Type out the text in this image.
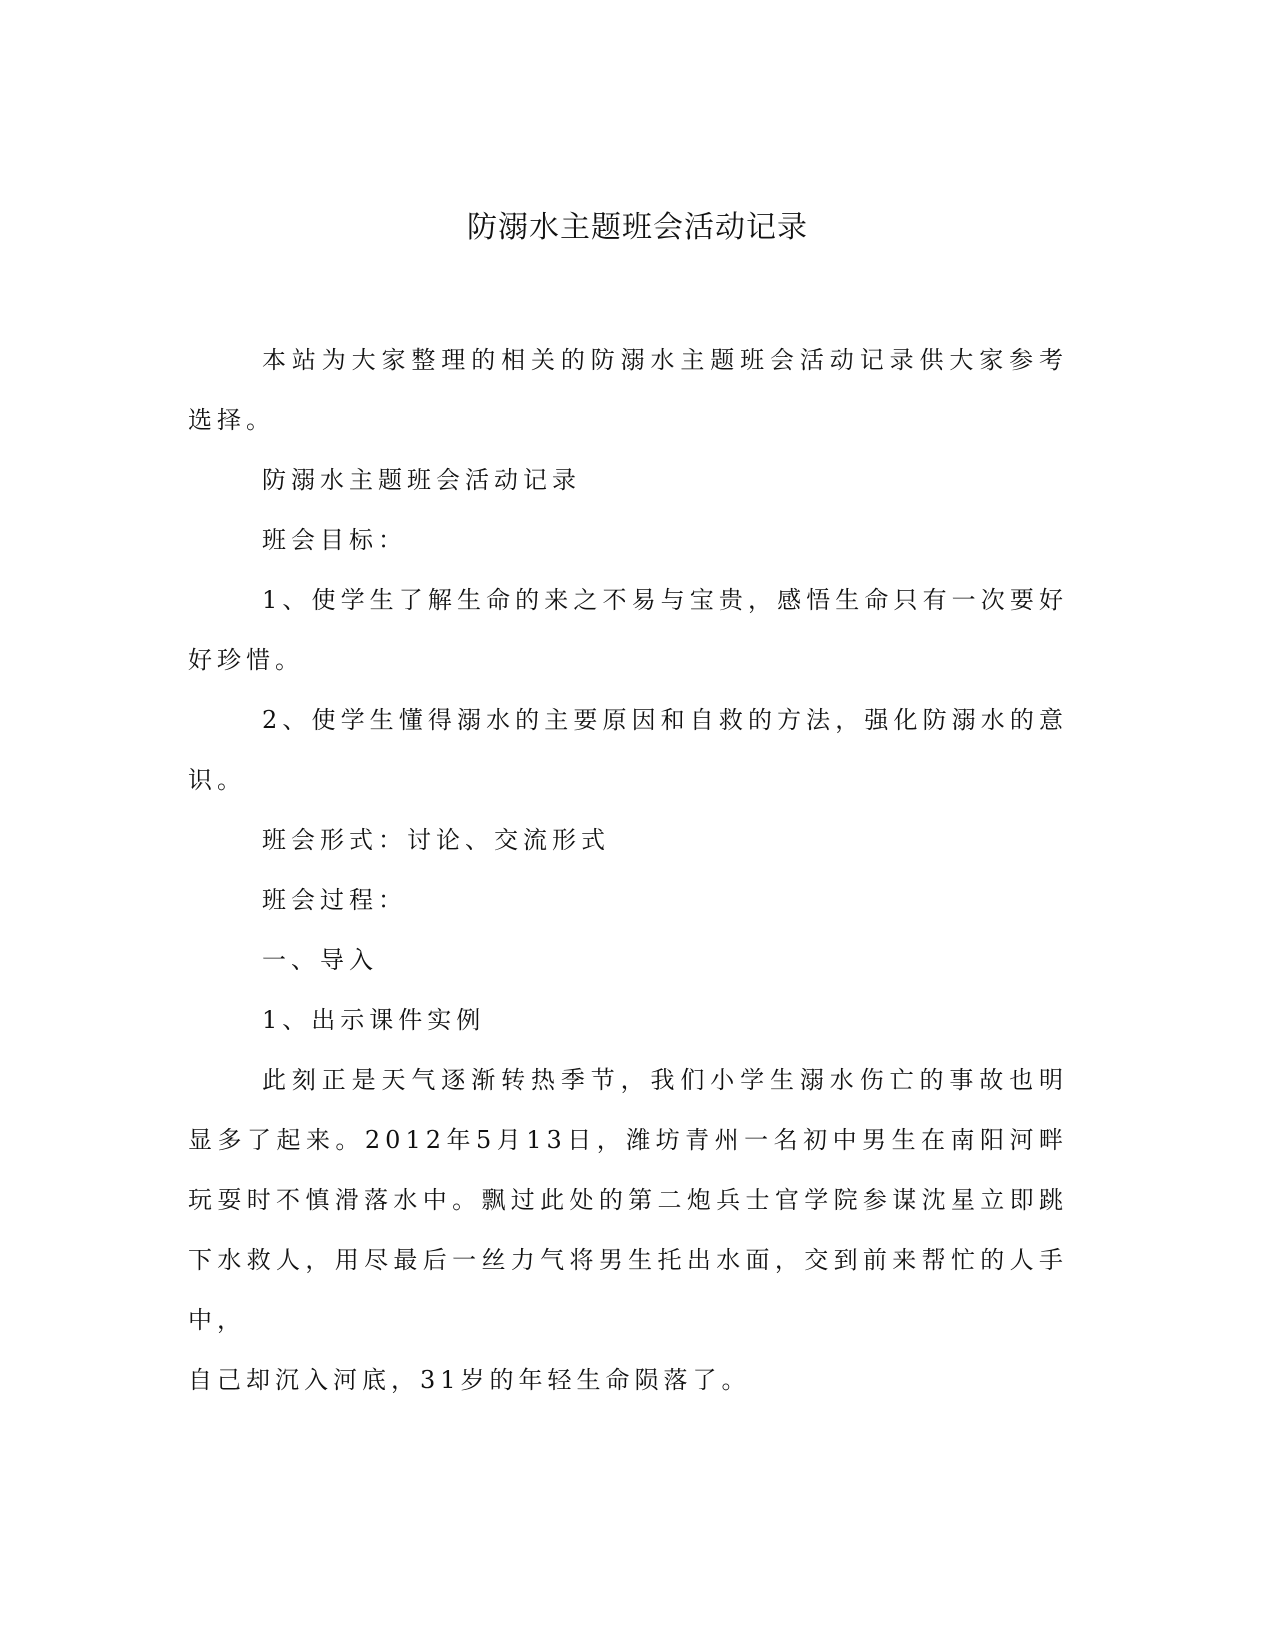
防溺水主题班会活动记录

本站为大家整理的相关的防溺水主题班会活动记录供大家参考选择。

防溺水主题班会活动记录

班会目标：

1、使学生了解生命的来之不易与宝贵，感悟生命只有一次要好好珍惜。

2、使学生懂得溺水的主要原因和自救的方法，强化防溺水的意识。

班会形式：讨论、交流形式

班会过程：

一、导入

1、出示课件实例

此刻正是天气逐渐转热季节，我们小学生溺水伤亡的事故也明显多了起来。2012年5月13日，潍坊青州一名初中男生在南阳河畔玩耍时不慎滑落水中。飘过此处的第二炮兵士官学院参谋沈星立即跳下水救人，用尽最后一丝力气将男生托出水面，交到前来帮忙的人手中，

自己却沉入河底，31岁的年轻生命陨落了。
